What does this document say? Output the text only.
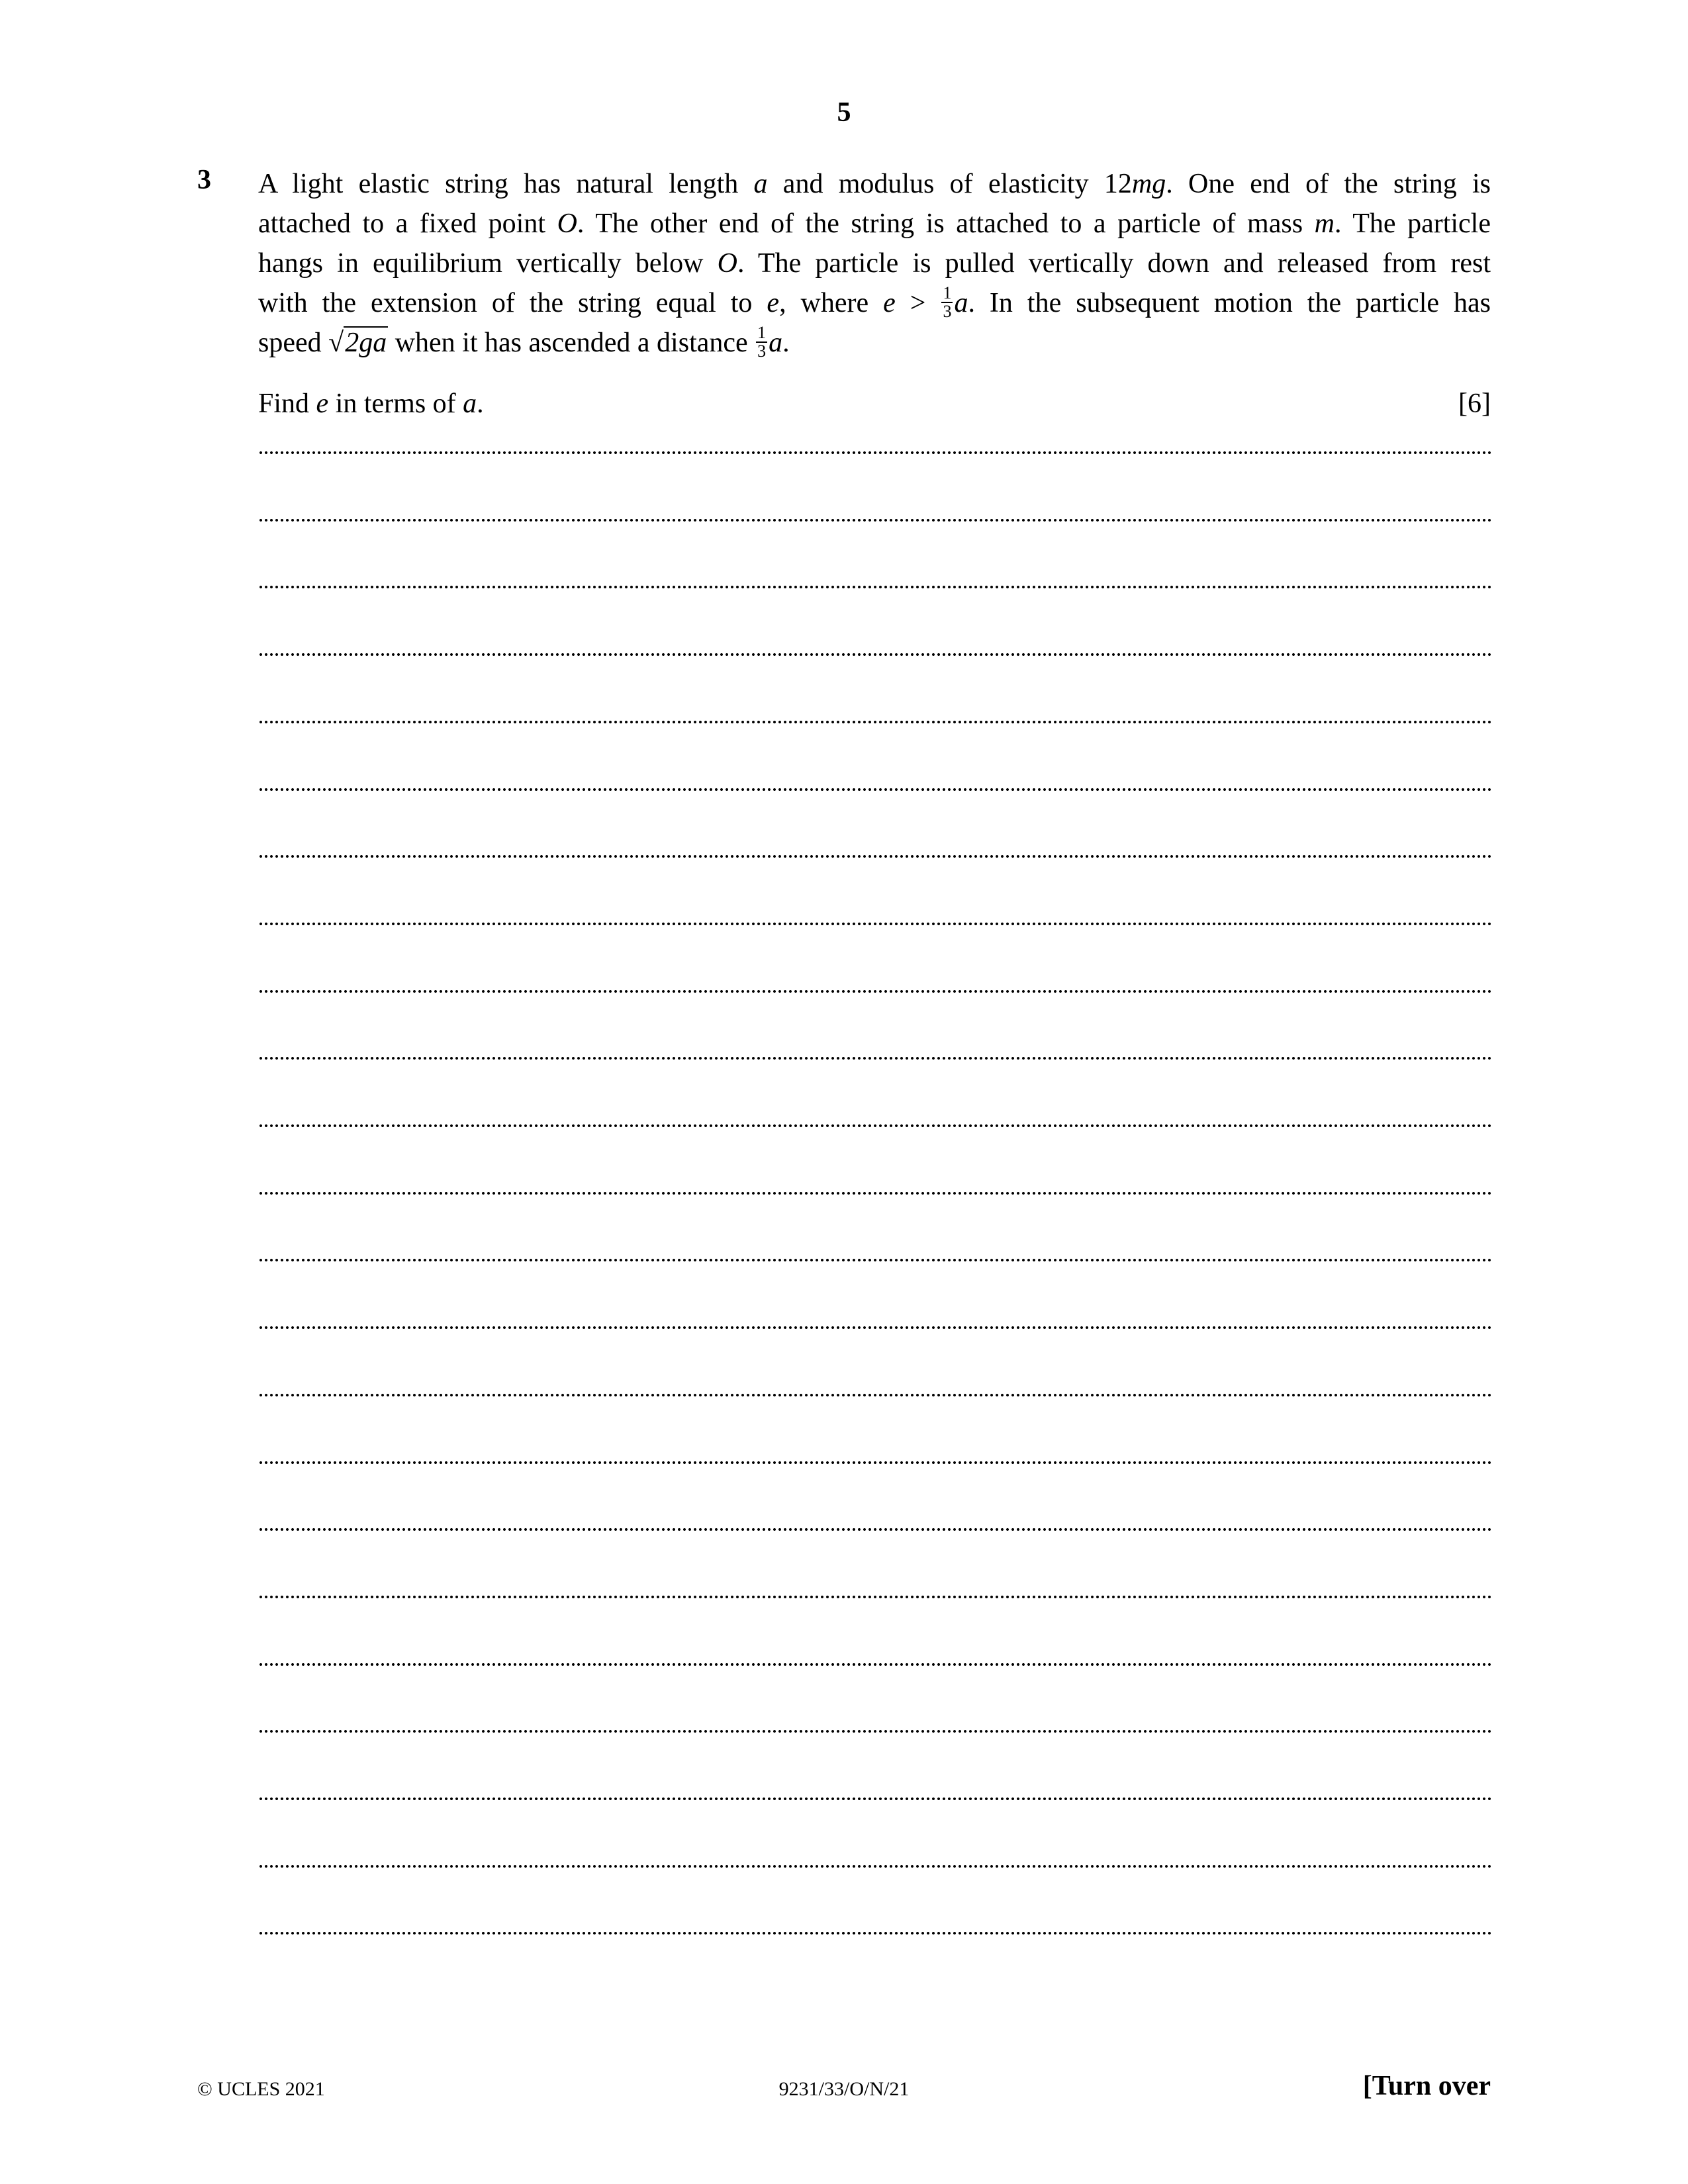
5
3 A light elastic string has natural length a and modulus of elasticity 12mg. One end of the string is
attached to a fixed point O. The other end of the string is attached to a particle of mass m. The particle
hangs in equilibrium vertically below O. The particle is pulled vertically down and released from rest
with the extension of the string equal to e, where $e > \frac{1}{3} a$. In the subsequent motion the particle has
speed √2ga when it has ascended a distance $\frac{1}{3} a$.
Find e in terms of a.	[6]
© UCLES 2021	9231/33/O/N/21	[Turn over
